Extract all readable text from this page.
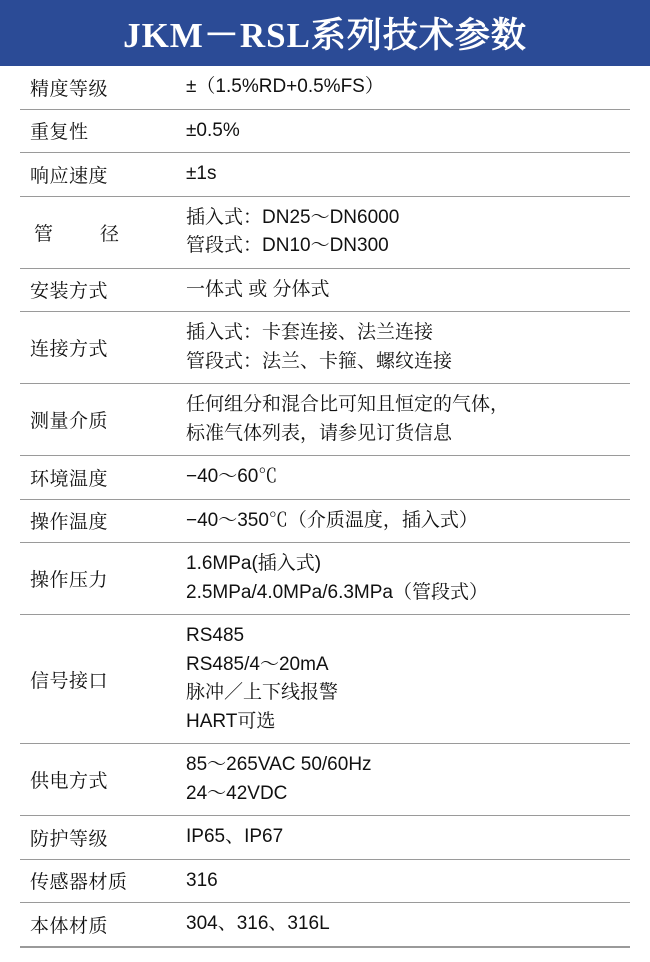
JKM－RSL系列技术参数
精度等级	±（1.5%RD+0.5%FS）

重复性	±0.5%

响应速度	±1s

管　径	插入式：DN25～DN6000
管段式：DN10～DN300

安装方式	一体式 或 分体式

连接方式	插入式：卡套连接、法兰连接
管段式：法兰、卡箍、螺纹连接

测量介质	任何组分和混合比可知且恒定的气体，
标准气体列表，请参见订货信息

环境温度	−40～60℃

操作温度	−40～350℃（介质温度，插入式）

操作压力	1.6MPa(插入式)
2.5MPa/4.0MPa/6.3MPa（管段式）

信号接口	RS485
RS485/4～20mA
脉冲／上下线报警
HART可选

供电方式	85～265VAC 50/60Hz
24～42VDC

防护等级	IP65、IP67

传感器材质	316

本体材质	304、316、316L
